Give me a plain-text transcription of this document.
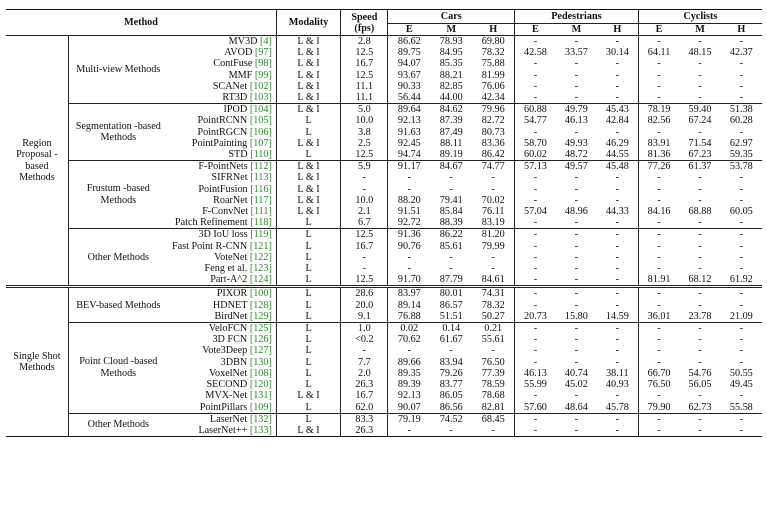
Method			Modality	Speed	Cars			Pedestrians			Cyclists		
				(fps)	E	M	H	E	M	H	E	M	H
Region Proposal -based Methods	Multi-view Methods	MV3D [4]	L & I	2.8	86.62	78.93	69.80	-	-	-	-	-	-
		AVOD [97]	L & I	12.5	89.75	84.95	78.32	42.58	33.57	30.14	64.11	48.15	42.37
		ContFuse [98]	L & I	16.7	94.07	85.35	75.88	-	-	-	-	-	-
		MMF [99]	L & I	12.5	93.67	88.21	81.99	-	-	-	-	-	-
		SCANet [102]	L & I	11.1	90.33	82.85	76.06	-	-	-	-	-	-
		RT3D [103]	L & I	11.1	56.44	44.00	42.34	-	-	-	-	-	-
	Segmentation -based Methods	IPOD [104]	L & I	5.0	89.64	84.62	79.96	60.88	49.79	45.43	78.19	59.40	51.38
		PointRCNN [105]	L	10.0	92.13	87.39	82.72	54.77	46.13	42.84	82.56	67.24	60.28
		PointRGCN [106]	L	3.8	91.63	87.49	80.73	-	-	-	-	-	-
		PointPainting [107]	L & I	2.5	92.45	88.11	83.36	58.70	49.93	46.29	83.91	71.54	62.97
		STD [110]	L	12.5	94.74	89.19	86.42	60.02	48.72	44.55	81.36	67.23	59.35
	Frustum -based Methods	F-PointNets [112]	L & I	5.9	91.17	84.67	74.77	57.13	49.57	45.48	77.26	61.37	53.78
		SIFRNet [113]	L & I	-	-	-	-	-	-	-	-	-	-
		PointFusion [116]	L & I	-	-	-	-	-	-	-	-	-	-
		RoarNet [117]	L & I	10.0	88.20	79.41	70.02	-	-	-	-	-	-
		F-ConvNet [111]	L & I	2.1	91.51	85.84	76.11	57.04	48.96	44.33	84.16	68.88	60.05
		Patch Refinement [118]	L	6.7	92.72	88.39	83.19	-	-	-	-	-	-
	Other Methods	3D IoU loss [119]	L	12.5	91.36	86.22	81.20	-	-	-	-	-	-
		Fast Point R-CNN [121]	L	16.7	90.76	85.61	79.99	-	-	-	-	-	-
		VoteNet [122]	L	-	-	-	-	-	-	-	-	-	-
		Feng et al. [123]	L	-	-	-	-	-	-	-	-	-	-
		Part-A^2 [124]	L	12.5	91.70	87.79	84.61	-	-	-	81.91	68.12	61.92
Single Shot Methods	BEV-based Methods	PIXOR [100]	L	28.6	83.97	80.01	74.31	-	-	-	-	-	-
		HDNET [128]	L	20.0	89.14	86.57	78.32	-	-	-	-	-	-
		BirdNet [129]	L	9.1	76.88	51.51	50.27	20.73	15.80	14.59	36.01	23.78	21.09
	Point Cloud -based Methods	VeloFCN [125]	L	1.0	0.02	0.14	0.21	-	-	-	-	-	-
		3D FCN [126]	L	<0.2	70.62	61.67	55.61	-	-	-	-	-	-
		Vote3Deep [127]	L	-	-	-	-	-	-	-	-	-	-
		3DBN [130]	L	7.7	89.66	83.94	76.50	-	-	-	-	-	-
		VoxelNet [108]	L	2.0	89.35	79.26	77.39	46.13	40.74	38.11	66.70	54.76	50.55
		SECOND [120]	L	26.3	89.39	83.77	78.59	55.99	45.02	40.93	76.50	56.05	49.45
		MVX-Net [131]	L & I	16.7	92.13	86.05	78.68	-	-	-	-	-	-
		PointPillars [109]	L	62.0	90.07	86.56	82.81	57.60	48.64	45.78	79.90	62.73	55.58
	Other Methods	LaserNet [132]	L	83.3	79.19	74.52	68.45	-	-	-	-	-	-
		LaserNet++ [133]	L & I	26.3	-	-	-	-	-	-	-	-	-
